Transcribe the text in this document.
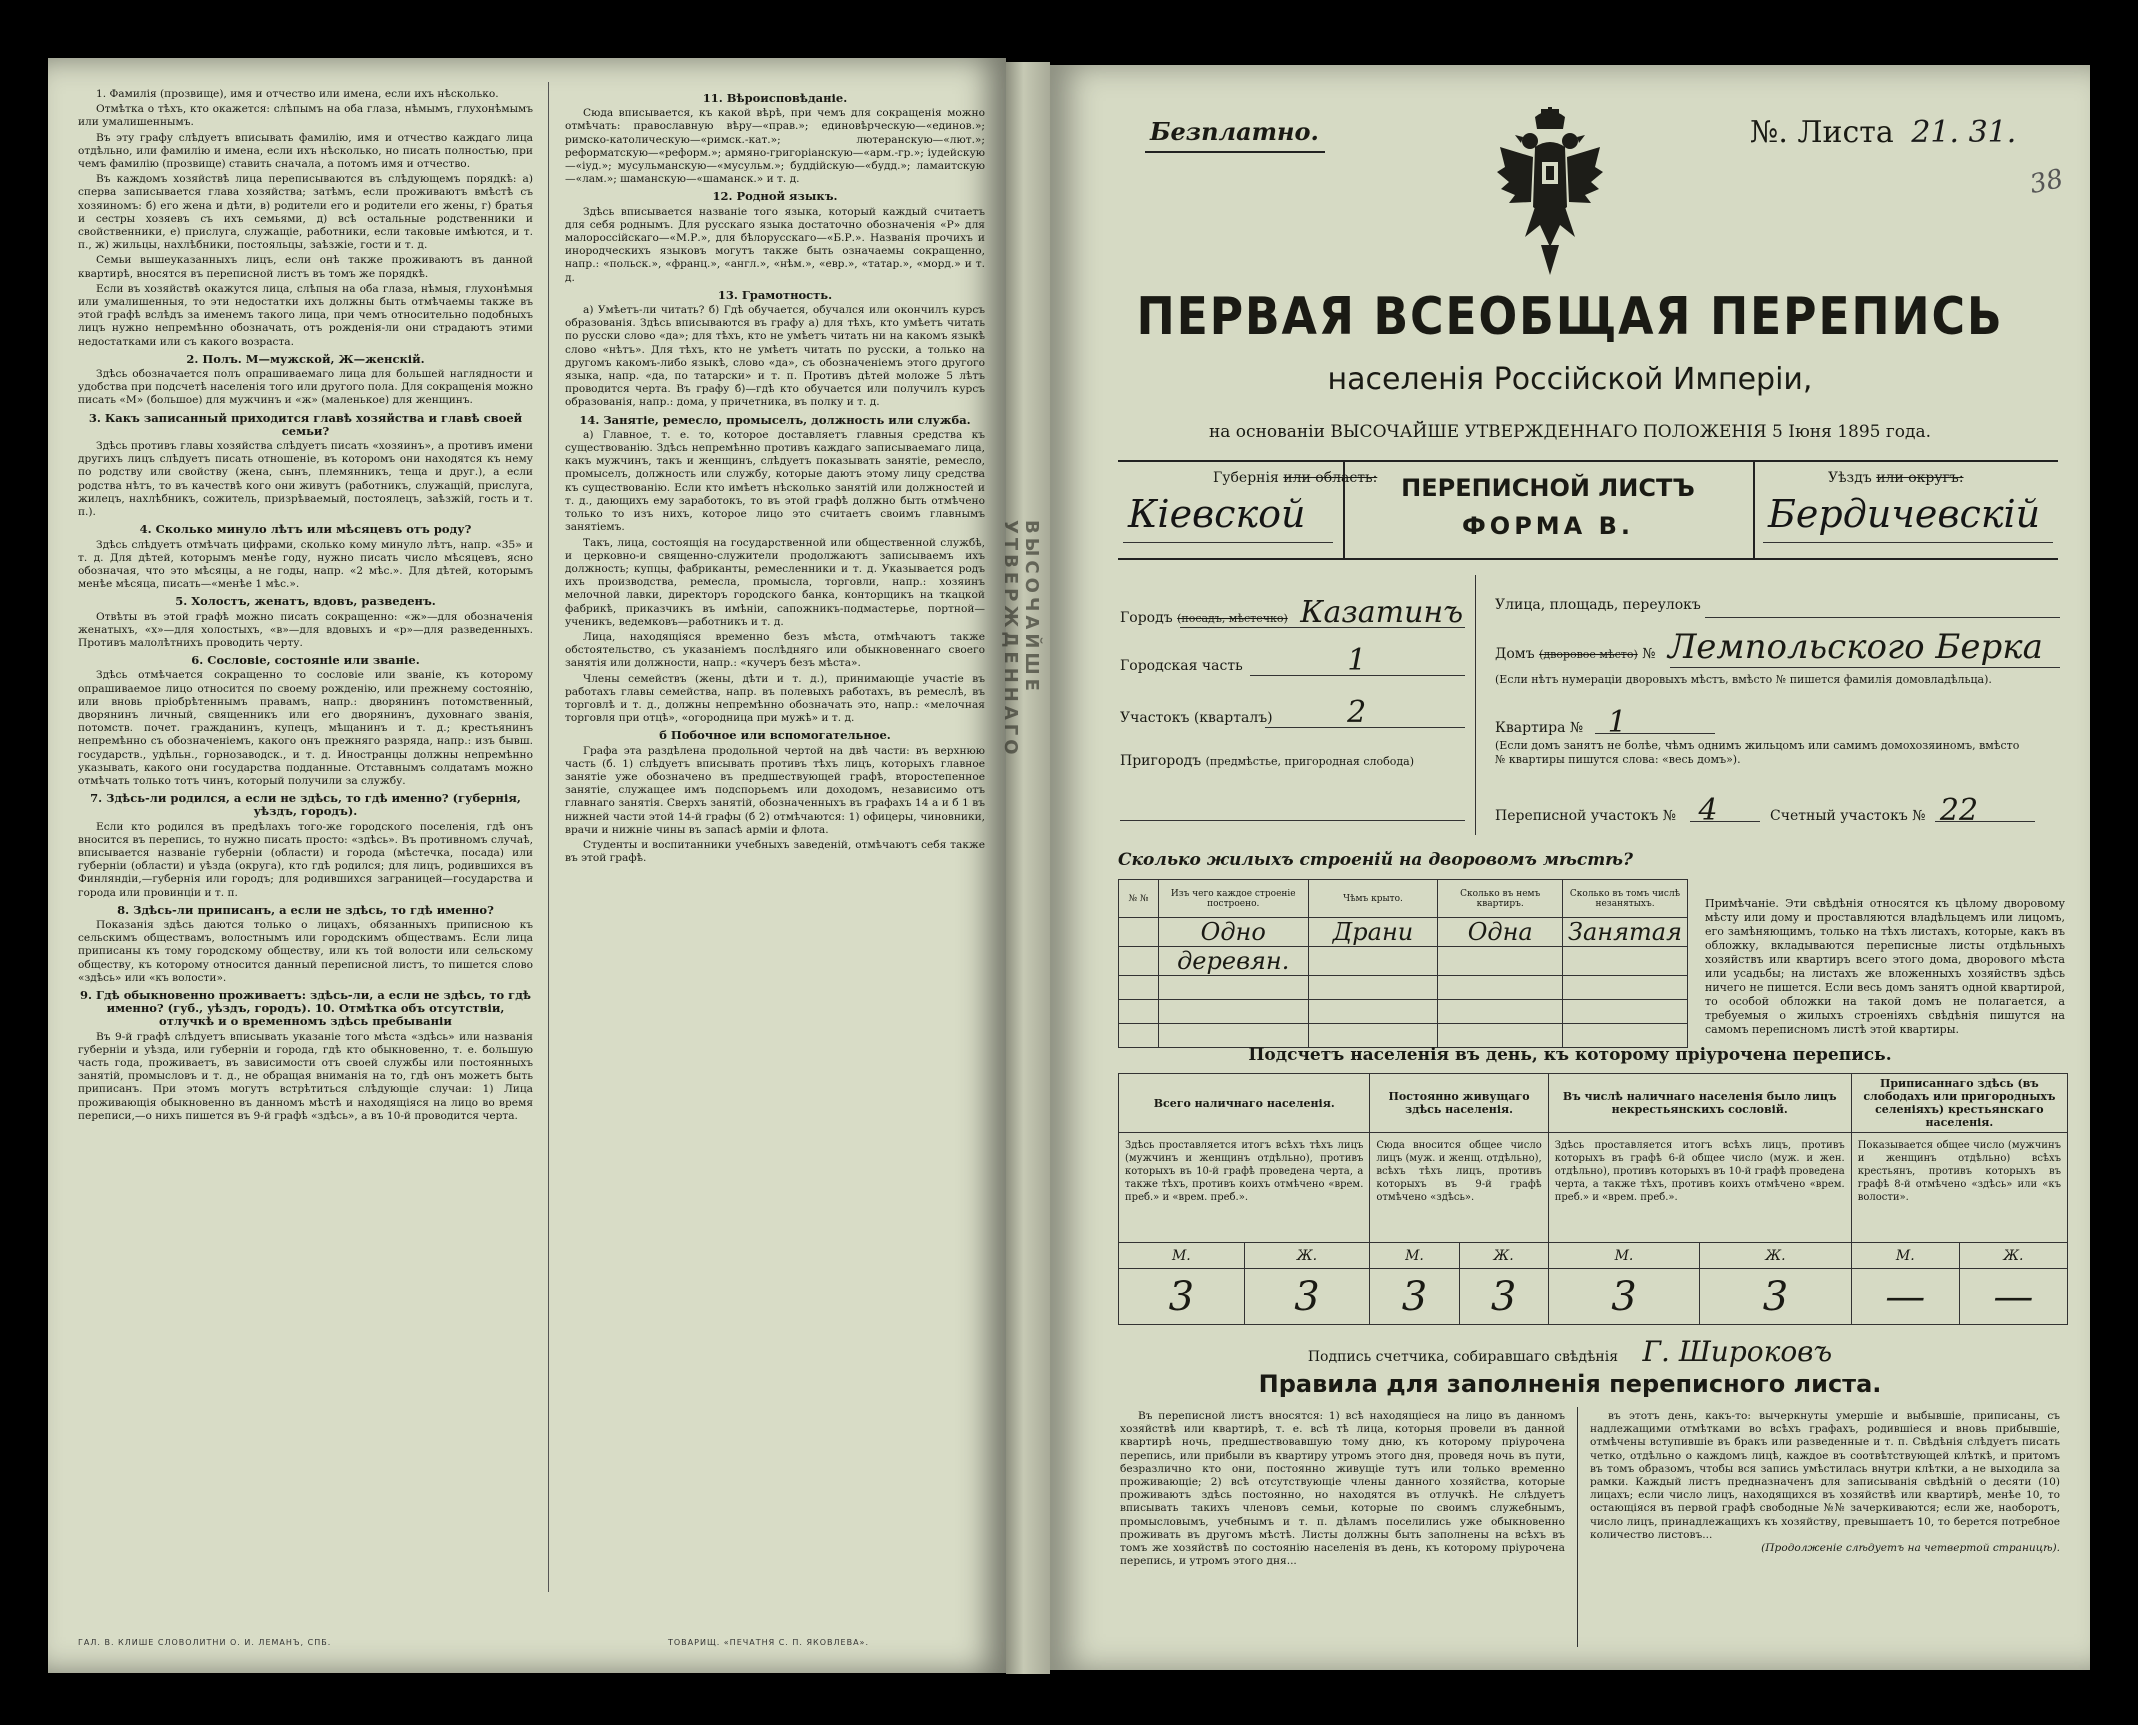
1. Фамилія (прозвище), имя и отчество или имена, если ихъ нѣсколько.

Отмѣтка о тѣхъ, кто окажется: слѣпымъ на оба глаза, нѣмымъ, глухонѣмымъ или умалишеннымъ.

Въ эту графу слѣдуетъ вписывать фамилію, имя и отчество каждаго лица отдѣльно, или фамилію и имена, если ихъ нѣсколько, но писать полностью, при чемъ фамилію (прозвище) ставить сначала, а потомъ имя и отчество.

Въ каждомъ хозяйствѣ лица переписываются въ слѣдующемъ порядкѣ: а) сперва записывается глава хозяйства; затѣмъ, если проживаютъ вмѣстѣ съ хозяиномъ: б) его жена и дѣти, в) родители его и родители его жены, г) братья и сестры хозяевъ съ ихъ семьями, д) всѣ остальные родственники и свойственники, е) прислуга, служащіе, работники, если таковые имѣются, и т. п., ж) жильцы, нахлѣбники, постояльцы, заѣзжіе, гости и т. д.

Семьи вышеуказанныхъ лицъ, если онѣ также проживаютъ въ данной квартирѣ, вносятся въ переписной листъ въ томъ же порядкѣ.

Если въ хозяйствѣ окажутся лица, слѣпыя на оба глаза, нѣмыя, глухонѣмыя или умалишенныя, то эти недостатки ихъ должны быть отмѣчаемы также въ этой графѣ вслѣдъ за именемъ такого лица, при чемъ относительно подобныхъ лицъ нужно непремѣнно обозначать, отъ рожденія-ли они страдаютъ этими недостатками или съ какого возраста.

2. Полъ. М—мужской, Ж—женскій.

Здѣсь обозначается полъ опрашиваемаго лица для большей наглядности и удобства при подсчетѣ населенія того или другого пола. Для сокращенія можно писать «М» (большое) для мужчинъ и «ж» (маленькое) для женщинъ.

3. Какъ записанный приходится главѣ хозяйства и главѣ своей семьи?

Здѣсь противъ главы хозяйства слѣдуетъ писать «хозяинъ», а противъ имени другихъ лицъ слѣдуетъ писать отношеніе, въ которомъ они находятся къ нему по родству или свойству (жена, сынъ, племянникъ, теща и друг.), а если родства нѣтъ, то въ качествѣ кого они живутъ (работникъ, служащій, прислуга, жилецъ, нахлѣбникъ, сожитель, призрѣваемый, постоялецъ, заѣзжій, гость и т. п.).

4. Сколько минуло лѣтъ или мѣсяцевъ отъ роду?

Здѣсь слѣдуетъ отмѣчать цифрами, сколько кому минуло лѣтъ, напр. «35» и т. д. Для дѣтей, которымъ менѣе году, нужно писать число мѣсяцевъ, ясно обозначая, что это мѣсяцы, а не годы, напр. «2 мѣс.». Для дѣтей, которымъ менѣе мѣсяца, писать—«менѣе 1 мѣс.».

5. Холостъ, женатъ, вдовъ, разведенъ.

Отвѣты въ этой графѣ можно писать сокращенно: «ж»—для обозначенія женатыхъ, «х»—для холостыхъ, «в»—для вдовыхъ и «р»—для разведенныхъ. Противъ малолѣтнихъ проводить черту.

6. Сословіе, состояніе или званіе.

Здѣсь отмѣчается сокращенно то сословіе или званіе, къ которому опрашиваемое лицо относится по своему рожденію, или прежнему состоянію, или вновь пріобрѣтеннымъ правамъ, напр.: дворянинъ потомственный, дворянинъ личный, священникъ или его дворянинъ, духовнаго званія, потомств. почет. гражданинъ, купецъ, мѣщанинъ и т. д.; крестьянинъ непремѣнно съ обозначеніемъ, какого онъ прежняго разряда, напр.: изъ бывш. государств., удѣльн., горнозаводск., и т. д. Иностранцы должны непремѣнно указывать, какого они государства подданные. Отставнымъ солдатамъ можно отмѣчать только тотъ чинъ, который получили за службу.

7. Здѣсь-ли родился, а если не здѣсь, то гдѣ именно? (губернія, уѣздъ, городъ).

Если кто родился въ предѣлахъ того-же городского поселенія, гдѣ онъ вносится въ перепись, то нужно писать просто: «здѣсь». Въ противномъ случаѣ, вписывается названіе губерніи (области) и города (мѣстечка, посада) или губерніи (области) и уѣзда (округа), кто гдѣ родился; для лицъ, родившихся въ Финляндіи,—губернія или городъ; для родившихся заграницей—государства и города или провинціи и т. п.

8. Здѣсь-ли приписанъ, а если не здѣсь, то гдѣ именно?

Показанія здѣсь даются только о лицахъ, обязанныхъ приписною къ сельскимъ обществамъ, волостнымъ или городскимъ обществамъ. Если лица приписаны къ тому городскому обществу, или къ той волости или сельскому обществу, къ которому относится данный переписной листъ, то пишется слово «здѣсь» или «къ волости».

9. Гдѣ обыкновенно проживаетъ: здѣсь-ли, а если не здѣсь, то гдѣ именно? (губ., уѣздъ, городъ). 10. Отмѣтка объ отсутствіи, отлучкѣ и о временномъ здѣсь пребываніи

Въ 9-й графѣ слѣдуетъ вписывать указаніе того мѣста «здѣсь» или названія губерніи и уѣзда, или губерніи и города, гдѣ кто обыкновенно, т. е. большую часть года, проживаетъ, въ зависимости отъ своей службы или постоянныхъ занятій, промысловъ и т. д., не обращая вниманія на то, гдѣ онъ можетъ быть приписанъ. При этомъ могутъ встрѣтиться слѣдующіе случаи: 1) Лица проживающія обыкновенно въ данномъ мѣстѣ и находящіяся на лицо во время переписи,—о нихъ пишется въ 9-й графѣ «здѣсь», а въ 10-й проводится черта.

11. Вѣроисповѣданіе.

Сюда вписывается, къ какой вѣрѣ, при чемъ для сокращенія можно отмѣчать: православную вѣру—«прав.»; единовѣрческую—«единов.»; римско-католическую—«римск.-кат.»; лютеранскую—«лют.»; реформатскую—«реформ.»; армяно-григоріанскую—«арм.-гр.»; іудейскую—«іуд.»; мусульманскую—«мусульм.»; буддійскую—«будд.»; ламаитскую—«лам.»; шаманскую—«шаманск.» и т. д.

12. Родной языкъ.

Здѣсь вписывается названіе того языка, который каждый считаетъ для себя роднымъ. Для русскаго языка достаточно обозначенія «Р» для малороссійскаго—«М.Р.», для бѣлорусскаго—«Б.Р.». Названія прочихъ и инородческихъ языковъ могутъ также быть означаемы сокращенно, напр.: «польск.», «франц.», «англ.», «нѣм.», «евр.», «татар.», «морд.» и т. д.

13. Грамотность.

а) Умѣетъ-ли читать? б) Гдѣ обучается, обучался или окончилъ курсъ образованія. Здѣсь вписываются въ графу а) для тѣхъ, кто умѣетъ читать по русски слово «да»; для тѣхъ, кто не умѣетъ читать ни на какомъ языкѣ слово «нѣтъ». Для тѣхъ, кто не умѣетъ читать по русски, а только на другомъ какомъ-либо языкѣ, слово «да», съ обозначеніемъ этого другого языка, напр. «да, по татарски» и т. п. Противъ дѣтей моложе 5 лѣтъ проводится черта. Въ графу б)—гдѣ кто обучается или получилъ курсъ образованія, напр.: дома, у причетника, въ полку и т. д.

14. Занятіе, ремесло, промыселъ, должность или служба.

а) Главное, т. е. то, которое доставляетъ главныя средства къ существованію. Здѣсь непремѣнно противъ каждаго записываемаго лица, какъ мужчинъ, такъ и женщинъ, слѣдуетъ показывать занятіе, ремесло, промыселъ, должность или службу, которые даютъ этому лицу средства къ существованію. Если кто имѣетъ нѣсколько занятій или должностей и т. д., дающихъ ему заработокъ, то въ этой графѣ должно быть отмѣчено только то изъ нихъ, которое лицо это считаетъ своимъ главнымъ занятіемъ.

Такъ, лица, состоящія на государственной или общественной службѣ, и церковно-и священно-служители продолжаютъ записываемъ ихъ должность; купцы, фабриканты, ремесленники и т. д. Указывается родъ ихъ производства, ремесла, промысла, торговли, напр.: хозяинъ мелочной лавки, директоръ городского банка, конторщикъ на ткацкой фабрикѣ, приказчикъ въ имѣніи, сапожникъ-подмастерье, портной—ученикъ, ведемковъ—работникъ и т. д.

Лица, находящіяся временно безъ мѣста, отмѣчаютъ также обстоятельство, съ указаніемъ послѣдняго или обыкновеннаго своего занятія или должности, напр.: «кучеръ безъ мѣста».

Члены семействъ (жены, дѣти и т. д.), принимающіе участіе въ работахъ главы семейства, напр. въ полевыхъ работахъ, въ ремеслѣ, въ торговлѣ и т. д., должны непремѣнно обозначать это, напр.: «мелочная торговля при отцѣ», «огородница при мужѣ» и т. д.

б Побочное или вспомогательное.

Графа эта раздѣлена продольной чертой на двѣ части: въ верхнюю часть (б. 1) слѣдуетъ вписывать противъ тѣхъ лицъ, которыхъ главное занятіе уже обозначено въ предшествующей графѣ, второстепенное занятіе, служащее имъ подспорьемъ или доходомъ, независимо отъ главнаго занятія. Сверхъ занятій, обозначенныхъ въ графахъ 14 а и б 1 въ нижней части этой 14-й графы (б 2) отмѣчаются: 1) офицеры, чиновники, врачи и нижніе чины въ запасѣ арміи и флота.

Студенты и воспитанники учебныхъ заведеній, отмѣчаютъ себя также въ этой графѣ.

ГАЛ. В. КЛИШЕ СЛОВОЛИТНИ О. И. ЛЕМАНЪ, СПБ.	ТОВАРИЩ. «ПЕЧАТНЯ С. П. ЯКОВЛЕВА».
ВЫСОЧАЙШЕ УТВЕРЖДЕННАГО
Безплатно.	№. Листа 21. 31.
38
ПЕРВАЯ ВСЕОБЩАЯ ПЕРЕПИСЬ
населенія Россійской Имперіи,
на основаніи ВЫСОЧАЙШЕ УТВЕРЖДЕННАГО ПОЛОЖЕНІЯ 5 Іюня 1895 года.
Губернія или область:
Кіевской
ПЕРЕПИСНОЙ ЛИСТЪ
ФОРМА В.
Уѣздъ или округъ:
Бердичевскій
Городъ (посадъ, мѣстечко) Казатинъ
Городская часть	1
Участокъ (кварталъ) 2
Пригородъ (предмѣстье, пригородная слобода)
Улица, площадь, переулокъ
Домъ (дворовое мѣсто) № Лемпольского Берка
(Если нѣтъ нумераціи дворовыхъ мѣстъ, вмѣсто № пишется фамилія домовладѣльца).
Квартира № 1
(Если домъ занятъ не болѣе, чѣмъ однимъ жильцомъ или самимъ домохозяиномъ, вмѣсто
№ квартиры пишутся слова: «весь домъ»).
Переписной участокъ № 4	Счетный участокъ № 22
Сколько жилыхъ строеній на дворовомъ мѣстѣ?
№ №	Изъ чего каждое строеніе построено.	Чѣмъ крыто.	Сколько въ немъ квартиръ.	Сколько въ томъ числѣ незанятыхъ.
	Одно	Драни	Одна	Занятая
	деревян.			

Примѣчаніе. Эти свѣдѣнія относятся къ цѣлому дворовому мѣсту или дому и проставляются владѣльцемъ или лицомъ, его замѣняющимъ, только на тѣхъ листахъ, которые, какъ въ обложку, вкладываются переписные листы отдѣльныхъ хозяйствъ или квартиръ всего этого дома, дворового мѣста или усадьбы; на листахъ же вложенныхъ хозяйствъ здѣсь ничего не пишется. Если весь домъ занятъ одной квартирой, то особой обложки на такой домъ не полагается, а требуемыя о жилыхъ строеніяхъ свѣдѣнія пишутся на самомъ переписномъ листѣ этой квартиры.
Подсчетъ населенія въ день, къ которому пріурочена перепись.
Всего наличнаго населенія.		Постоянно живущаго здѣсь населенія.		Въ числѣ наличнаго населенія было лицъ некрестьянскихъ сословій.		Приписаннаго здѣсь (въ слободахъ или пригородныхъ селеніяхъ) крестьянскаго населенія.	
Здѣсь проставляется итогъ всѣхъ тѣхъ лицъ (мужчинъ и женщинъ отдѣльно), противъ которыхъ въ 10-й графѣ проведена черта, а также тѣхъ, противъ коихъ отмѣчено «врем. преб.» и «врем. преб.».		Сюда вносится общее число лицъ (муж. и женщ. отдѣльно), всѣхъ тѣхъ лицъ, противъ которыхъ въ 9-й графѣ отмѣчено «здѣсь».		Здѣсь проставляется итогъ всѣхъ лицъ, противъ которыхъ въ графѣ 6-й общее число (муж. и жен. отдѣльно), противъ которыхъ въ 10-й графѣ проведена черта, а также тѣхъ, противъ коихъ отмѣчено «врем. преб.» и «врем. преб.».		Показывается общее число (мужчинъ и женщинъ отдѣльно) всѣхъ крестьянъ, противъ которыхъ въ графѣ 8-й отмѣчено «здѣсь» или «къ волости».	
М.	Ж.	М.	Ж.	М.	Ж.	М.	Ж.
3	3	3	3	3	3	—	—
Подпись счетчика, собиравшаго свѣдѣнія Г. Широковъ
Правила для заполненія переписного листа.

Въ переписной листъ вносятся: 1) всѣ находящіеся на лицо въ данномъ хозяйствѣ или квартирѣ, т. е. всѣ тѣ лица, которыя провели въ данной квартирѣ ночь, предшествовавшую тому дню, къ которому пріурочена перепись, или прибыли въ квартиру утромъ этого дня, проведя ночь въ пути, безразлично кто они, постоянно живущіе тутъ или только временно проживающіе; 2) всѣ отсутствующіе члены данного хозяйства, которые проживаютъ здѣсь постоянно, но находятся въ отлучкѣ. Не слѣдуетъ вписывать такихъ членовъ семьи, которые по своимъ служебнымъ, промысловымъ, учебнымъ и т. п. дѣламъ поселились уже обыкновенно проживать въ другомъ мѣстѣ. Листы должны быть заполнены на всѣхъ въ томъ же хозяйствѣ по состоянію населенія въ день, къ которому пріурочена перепись, и утромъ этого дня...

въ этотъ день, какъ-то: вычеркнуты умершіе и выбывшіе, приписаны, съ надлежащими отмѣтками во всѣхъ графахъ, родившіеся и вновь прибывшіе, отмѣчены вступившіе въ бракъ или разведенные и т. п. Свѣдѣнія слѣдуетъ писать четко, отдѣльно о каждомъ лицѣ, каждое въ соотвѣтствующей клѣткѣ, и притомъ въ томъ образомъ, чтобы вся запись умѣстилась внутри клѣтки, а не выходила за рамки. Каждый листъ предназначенъ для записыванія свѣдѣній о десяти (10) лицахъ; если число лицъ, находящихся въ хозяйствѣ или квартирѣ, менѣе 10, то остающіяся въ первой графѣ свободные №№ зачеркиваются; если же, наоборотъ, число лицъ, принадлежащихъ къ хозяйству, превышаетъ 10, то берется потребное количество листовъ...

(Продолженіе слѣдуетъ на четвертой страницѣ).
